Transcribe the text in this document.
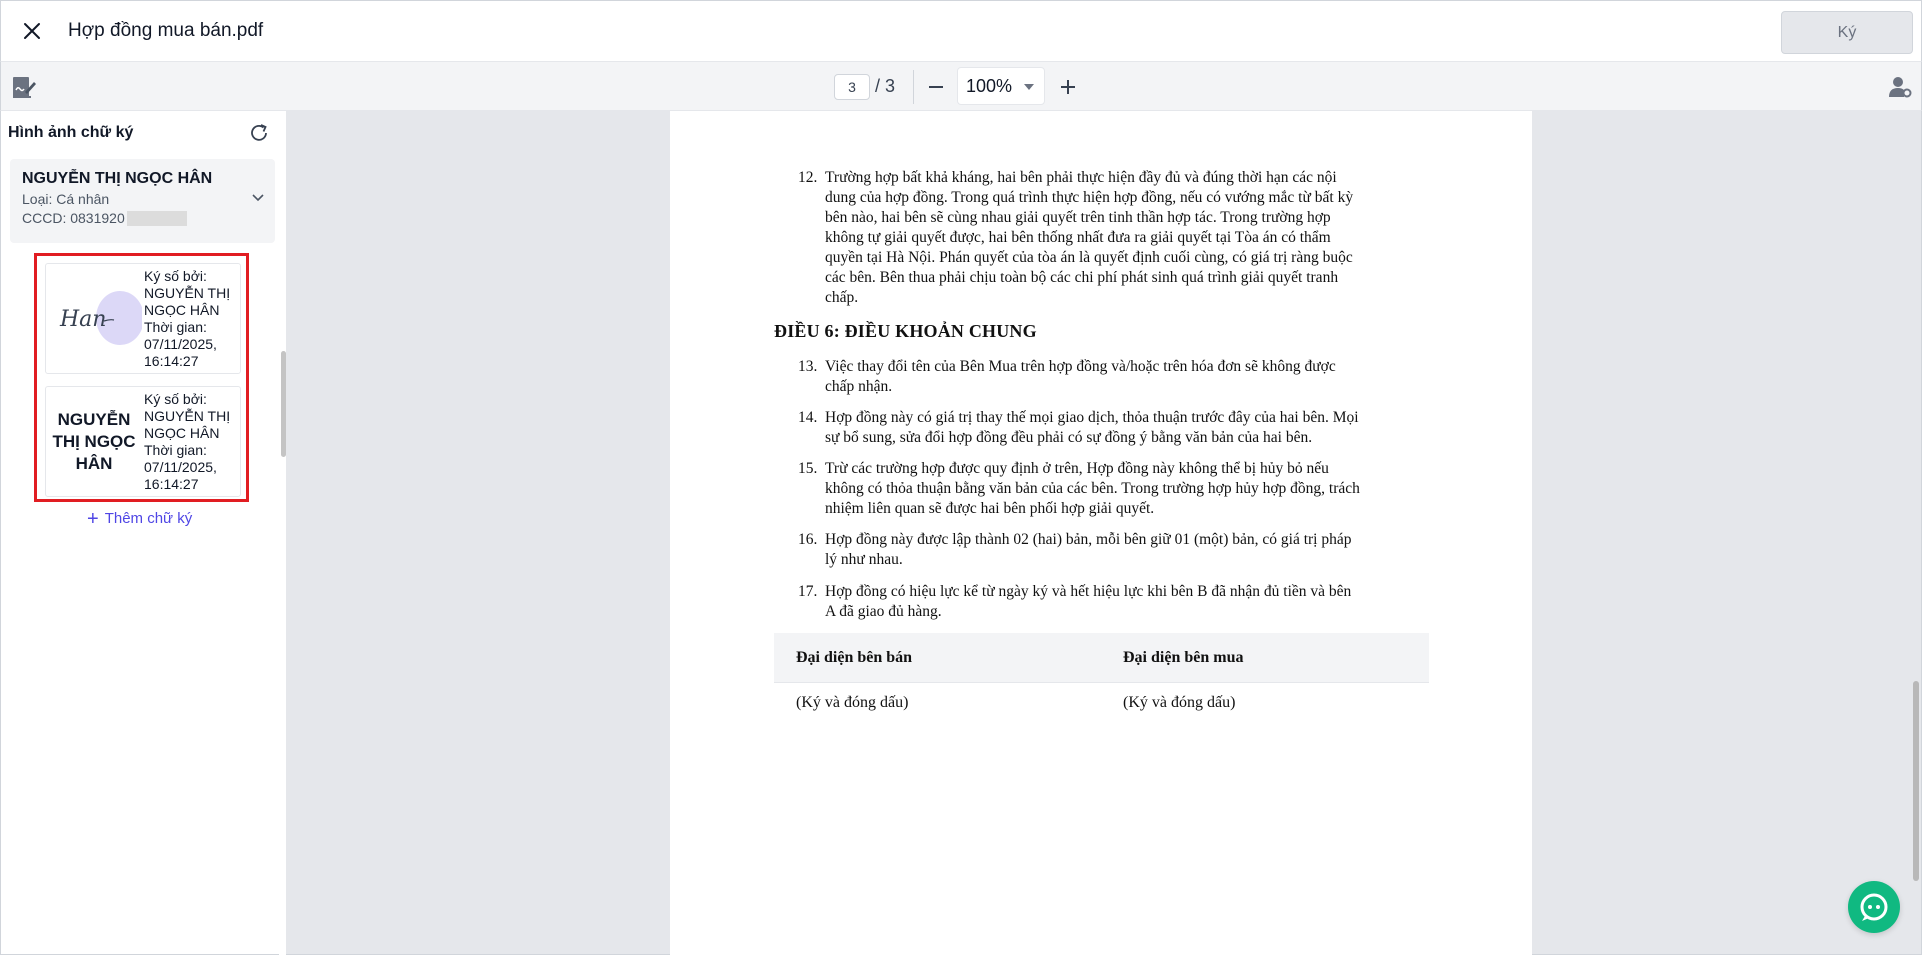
Hợp đồng mua bán.pdf	Ký
3
/ 3	100%
Hình ảnh chữ ký
NGUYỄN THỊ NGỌC HÂN
Loại: Cá nhân
CCCD: 0831920
Han
Ký số bởi:
NGUYỄN THỊ
NGỌC HÂN
Thời gian:
07/11/2025,
16:14:27
NGUYỄN
THỊ NGỌC
HÂN
Ký số bởi:
NGUYỄN THỊ
NGỌC HÂN
Thời gian:
07/11/2025,
16:14:27
+ Thêm chữ ký
12. Trường hợp bất khả kháng, hai bên phải thực hiện đầy đủ và đúng thời hạn các nội
dung của hợp đồng. Trong quá trình thực hiện hợp đồng, nếu có vướng mắc từ bất kỳ
bên nào, hai bên sẽ cùng nhau giải quyết trên tinh thần hợp tác. Trong trường hợp
không tự giải quyết được, hai bên thống nhất đưa ra giải quyết tại Tòa án có thẩm
quyền tại Hà Nội. Phán quyết của tòa án là quyết định cuối cùng, có giá trị ràng buộc
các bên. Bên thua phải chịu toàn bộ các chi phí phát sinh quá trình giải quyết tranh
chấp.
ĐIỀU 6: ĐIỀU KHOẢN CHUNG
13. Việc thay đổi tên của Bên Mua trên hợp đồng và/hoặc trên hóa đơn sẽ không được
chấp nhận.
14. Hợp đồng này có giá trị thay thế mọi giao dịch, thỏa thuận trước đây của hai bên. Mọi
sự bổ sung, sửa đổi hợp đồng đều phải có sự đồng ý bằng văn bản của hai bên.
15. Trừ các trường hợp được quy định ở trên, Hợp đồng này không thể bị hủy bỏ nếu
không có thỏa thuận bằng văn bản của các bên. Trong trường hợp hủy hợp đồng, trách
nhiệm liên quan sẽ được hai bên phối hợp giải quyết.
16. Hợp đồng này được lập thành 02 (hai) bản, mỗi bên giữ 01 (một) bản, có giá trị pháp
lý như nhau.
17. Hợp đồng có hiệu lực kể từ ngày ký và hết hiệu lực khi bên B đã nhận đủ tiền và bên
A đã giao đủ hàng.
Đại diện bên bán	Đại diện bên mua
(Ký và đóng dấu)	(Ký và đóng dấu)
